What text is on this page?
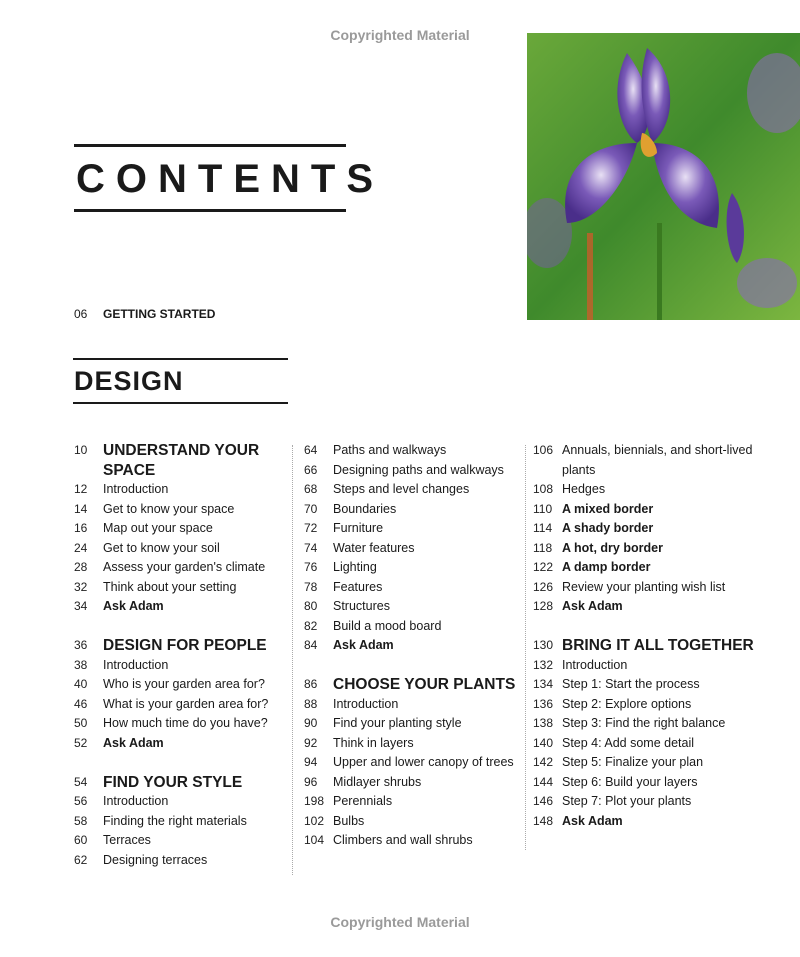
Copyrighted Material
CONTENTS
06 GETTING STARTED
DESIGN
10	UNDERSTAND YOUR SPACE
12	Introduction
14	Get to know your space
16	Map out your space
24	Get to know your soil
28	Assess your garden's climate
32	Think about your setting
34	Ask Adam
36	DESIGN FOR PEOPLE
38	Introduction
40	Who is your garden area for?
46	What is your garden area for?
50	How much time do you have?
52	Ask Adam
54	FIND YOUR STYLE
56	Introduction
58	Finding the right materials
60	Terraces
62	Designing terraces
64	Paths and walkways
66	Designing paths and walkways
68	Steps and level changes
70	Boundaries
72	Furniture
74	Water features
76	Lighting
78	Features
80	Structures
82	Build a mood board
84	Ask Adam
86	CHOOSE YOUR PLANTS
88	Introduction
90	Find your planting style
92	Think in layers
94	Upper and lower canopy of trees
96	Midlayer shrubs
198 Perennials
102 Bulbs
104 Climbers and wall shrubs
106 Annuals, biennials, and short-lived plants
108 Hedges
110 A mixed border
114 A shady border
118 A hot, dry border
122 A damp border
126 Review your planting wish list
128 Ask Adam
130 BRING IT ALL TOGETHER
132 Introduction
134 Step 1: Start the process
136 Step 2: Explore options
138 Step 3: Find the right balance
140 Step 4: Add some detail
142 Step 5: Finalize your plan
144 Step 6: Build your layers
146 Step 7: Plot your plants
148 Ask Adam
Copyrighted Material
